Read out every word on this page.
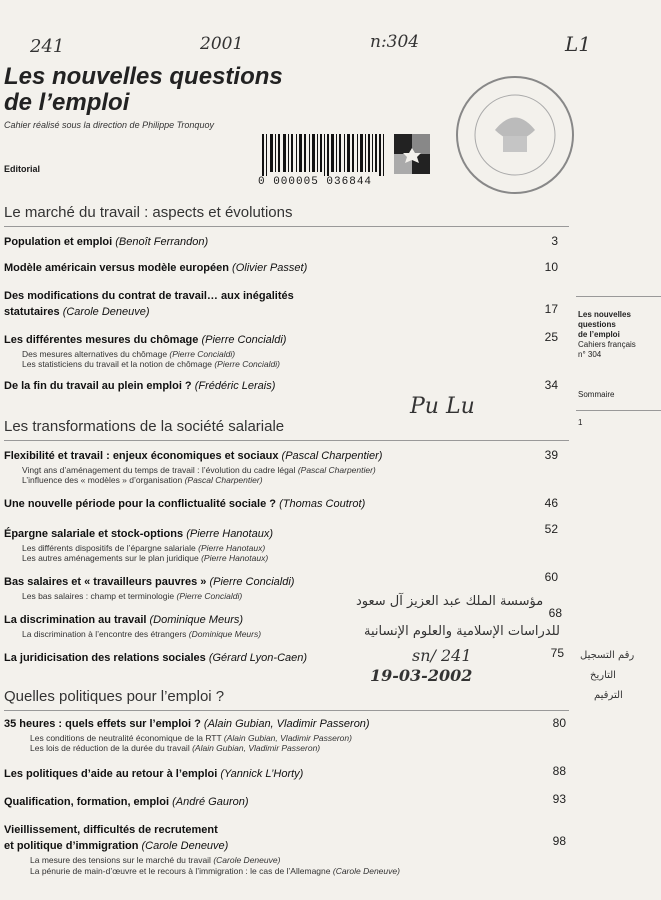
241	2001	n:304	L1
Les nouvelles questions
de l’emploi
Cahier réalisé sous la direction de Philippe Tronquoy
Editorial
0 000005 036844
Les nouvelles
questions
de l’emploi
Cahiers français
n° 304
Sommaire
1
Le marché du travail : aspects et évolutions
Population et emploi (Benoît Ferrandon)	3
Modèle américain versus modèle européen (Olivier Passet)	10
Des modifications du contrat de travail… aux inégalités
statutaires (Carole Deneuve)	17
Les différentes mesures du chômage (Pierre Concialdi)	25
Des mesures alternatives du chômage (Pierre Concialdi)
Les statisticiens du travail et la notion de chômage (Pierre Concialdi)
De la fin du travail au plein emploi ? (Frédéric Lerais)	34
Pu Lu
Les transformations de la société salariale
Flexibilité et travail : enjeux économiques et sociaux (Pascal Charpentier)	39
Vingt ans d’aménagement du temps de travail : l’évolution du cadre légal (Pascal Charpentier)
L’influence des « modèles » d’organisation (Pascal Charpentier)
Une nouvelle période pour la conflictualité sociale ? (Thomas Coutrot)	46
Épargne salariale et stock-options (Pierre Hanotaux)	52
Les différents dispositifs de l’épargne salariale (Pierre Hanotaux)
Les autres aménagements sur le plan juridique (Pierre Hanotaux)
Bas salaires et « travailleurs pauvres » (Pierre Concialdi)	60
Les bas salaires : champ et terminologie (Pierre Concialdi)
La discrimination au travail (Dominique Meurs)	68
La discrimination à l’encontre des étrangers (Dominique Meurs)
La juridicisation des relations sociales (Gérard Lyon-Caen)	75
مؤسسة الملك عبد العزيز آل سعود
للدراسات الإسلامية والعلوم الإنسانية
رقم التسجيل
التاريخ
الترقيم
sn/ 241
19-03-2002
Quelles politiques pour l’emploi ?
35 heures : quels effets sur l’emploi ? (Alain Gubian, Vladimir Passeron)	80
Les conditions de neutralité économique de la RTT (Alain Gubian, Vladimir Passeron)
Les lois de réduction de la durée du travail (Alain Gubian, Vladimir Passeron)
Les politiques d’aide au retour à l’emploi (Yannick L’Horty)	88
Qualification, formation, emploi (André Gauron)	93
Vieillissement, difficultés de recrutement
et politique d’immigration (Carole Deneuve)	98
La mesure des tensions sur le marché du travail (Carole Deneuve)
La pénurie de main-d’œuvre et le recours à l’immigration : le cas de l’Allemagne (Carole Deneuve)
